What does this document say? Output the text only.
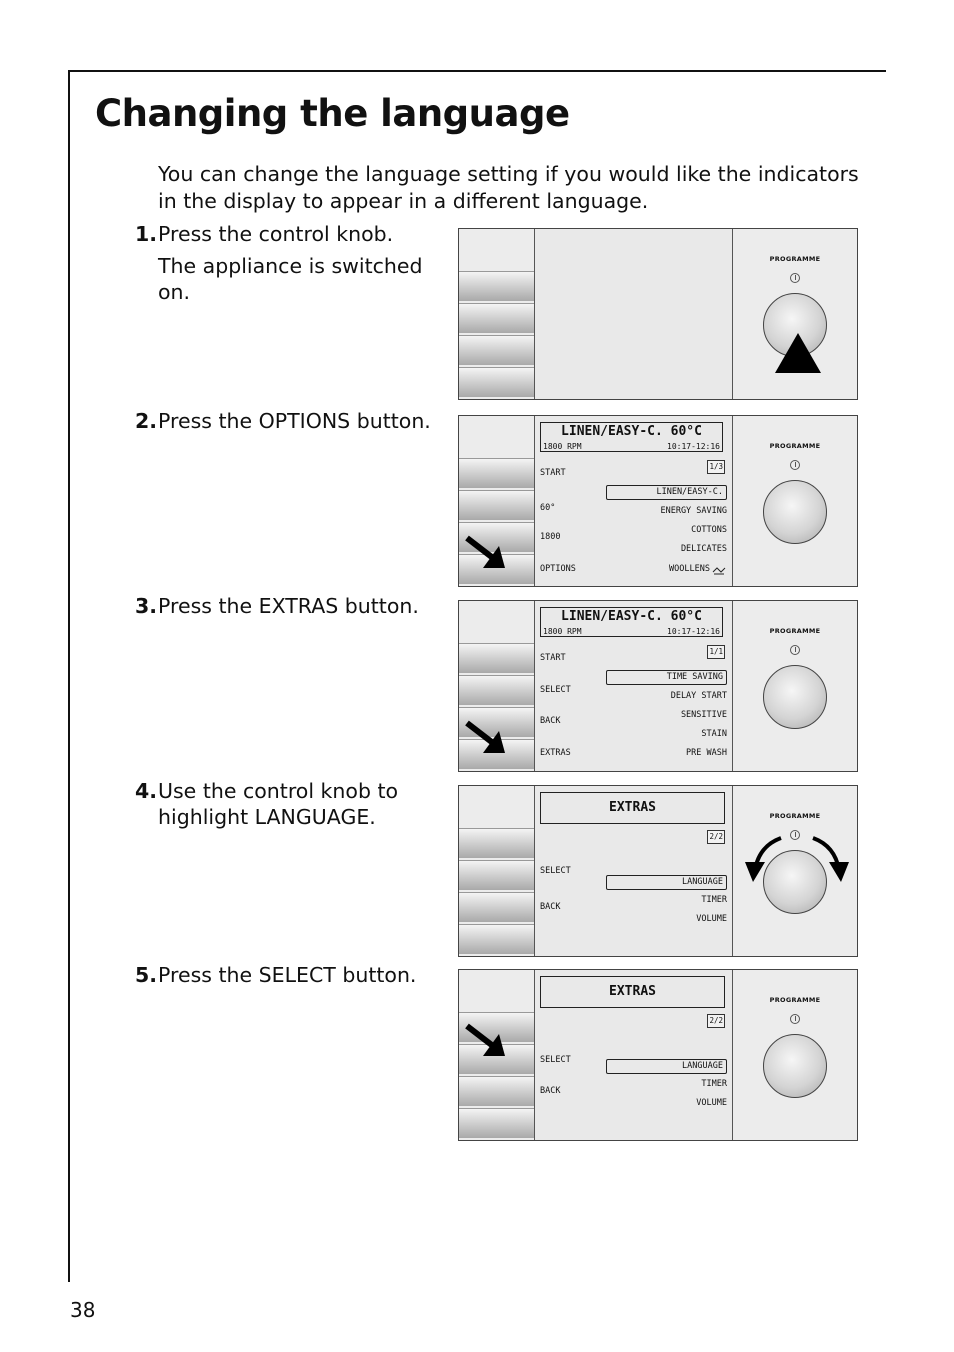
Changing the language
You can change the language setting if you would like the indicators in the display to appear in a different language.
1.Press the control knob.
The appliance is switched on.
2.Press the OPTIONS button.
3.Press the EXTRAS button.
4.Use the control knob to
highlight LANGUAGE.
5.Press the SELECT button.
PROGRAMME
LINEN/EASY-C. 60°C
1800 RPM	10:17-12:16
1/3
START
LINEN/EASY-C.
60°	ENERGY SAVING
COTTONS
1800
DELICATES
OPTIONS	WOOLLENS
PROGRAMME
LINEN/EASY-C. 60°C
1800 RPM	10:17-12:16
1/1
START
TIME SAVING
SELECT
DELAY START
SENSITIVE
BACK
STAIN
EXTRAS	PRE WASH
PROGRAMME
EXTRAS
2/2
SELECT
LANGUAGE
TIMER
BACK
VOLUME
PROGRAMME
EXTRAS
2/2
SELECT
LANGUAGE
TIMER
BACK
VOLUME
PROGRAMME
38
